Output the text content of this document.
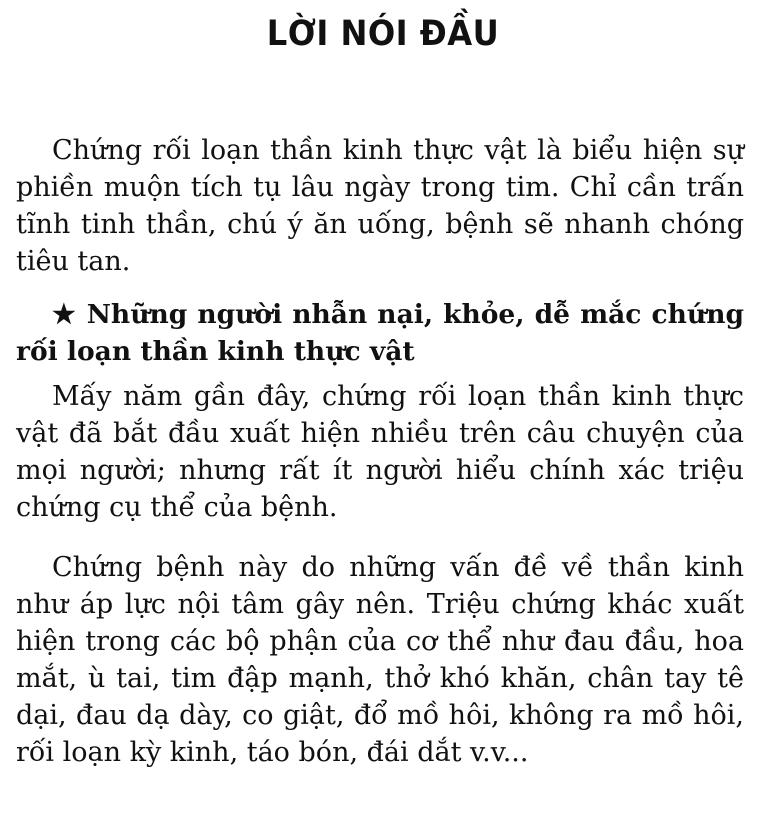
LỜI NÓI ĐẦU

Chứng rối loạn thần kinh thực vật là biểu hiện sự phiền muộn tích tụ lâu ngày trong tim. Chỉ cần trấn tĩnh tinh thần, chú ý ăn uống, bệnh sẽ nhanh chóng tiêu tan.

★ Những người nhẫn nại, khỏe, dễ mắc chứng rối loạn thần kinh thực vật

Mấy năm gần đây, chứng rối loạn thần kinh thực vật đã bắt đầu xuất hiện nhiều trên câu chuyện của mọi người; nhưng rất ít người hiểu chính xác triệu chứng cụ thể của bệnh.

Chứng bệnh này do những vấn đề về thần kinh như áp lực nội tâm gây nên. Triệu chứng khác xuất hiện trong các bộ phận của cơ thể như đau đầu, hoa mắt, ù tai, tim đập mạnh, thở khó khăn, chân tay tê dại, đau dạ dày, co giật, đổ mồ hôi, không ra mồ hôi, rối loạn kỳ kinh, táo bón, đái dắt v.v...
